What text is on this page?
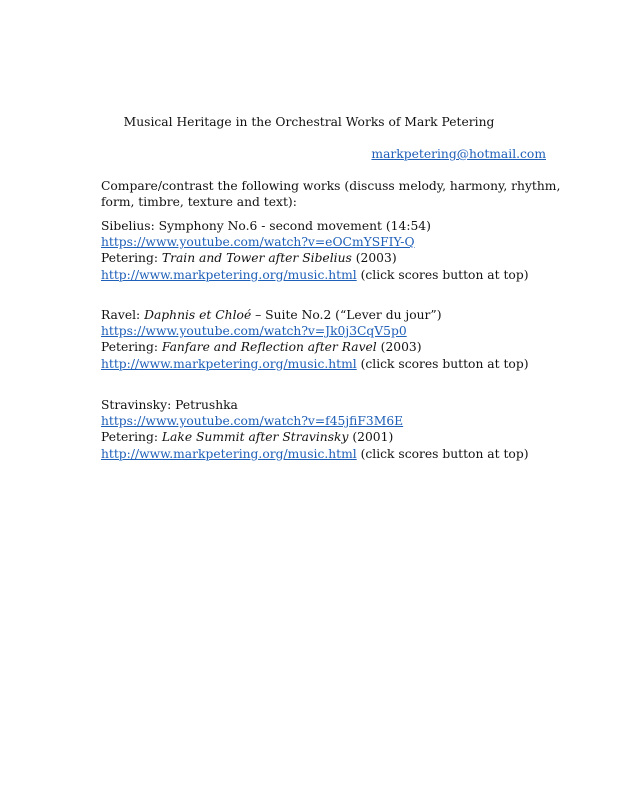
Musical Heritage in the Orchestral Works of Mark Petering
markpetering@hotmail.com

Compare/contrast the following works (discuss melody, harmony, rhythm, form, timbre, texture and text):

Sibelius: Symphony No.6 - second movement (14:54)

https://www.youtube.com/watch?v=eOCmYSFIY-Q

Petering: Train and Tower after Sibelius (2003)

http://www.markpetering.org/music.html (click scores button at top)

Ravel: Daphnis et Chloé – Suite No.2 (“Lever du jour”)

https://www.youtube.com/watch?v=Jk0j3CqV5p0

Petering: Fanfare and Reflection after Ravel (2003)

http://www.markpetering.org/music.html (click scores button at top)

Stravinsky: Petrushka

https://www.youtube.com/watch?v=f45jfiF3M6E

Petering: Lake Summit after Stravinsky (2001)

http://www.markpetering.org/music.html (click scores button at top)
